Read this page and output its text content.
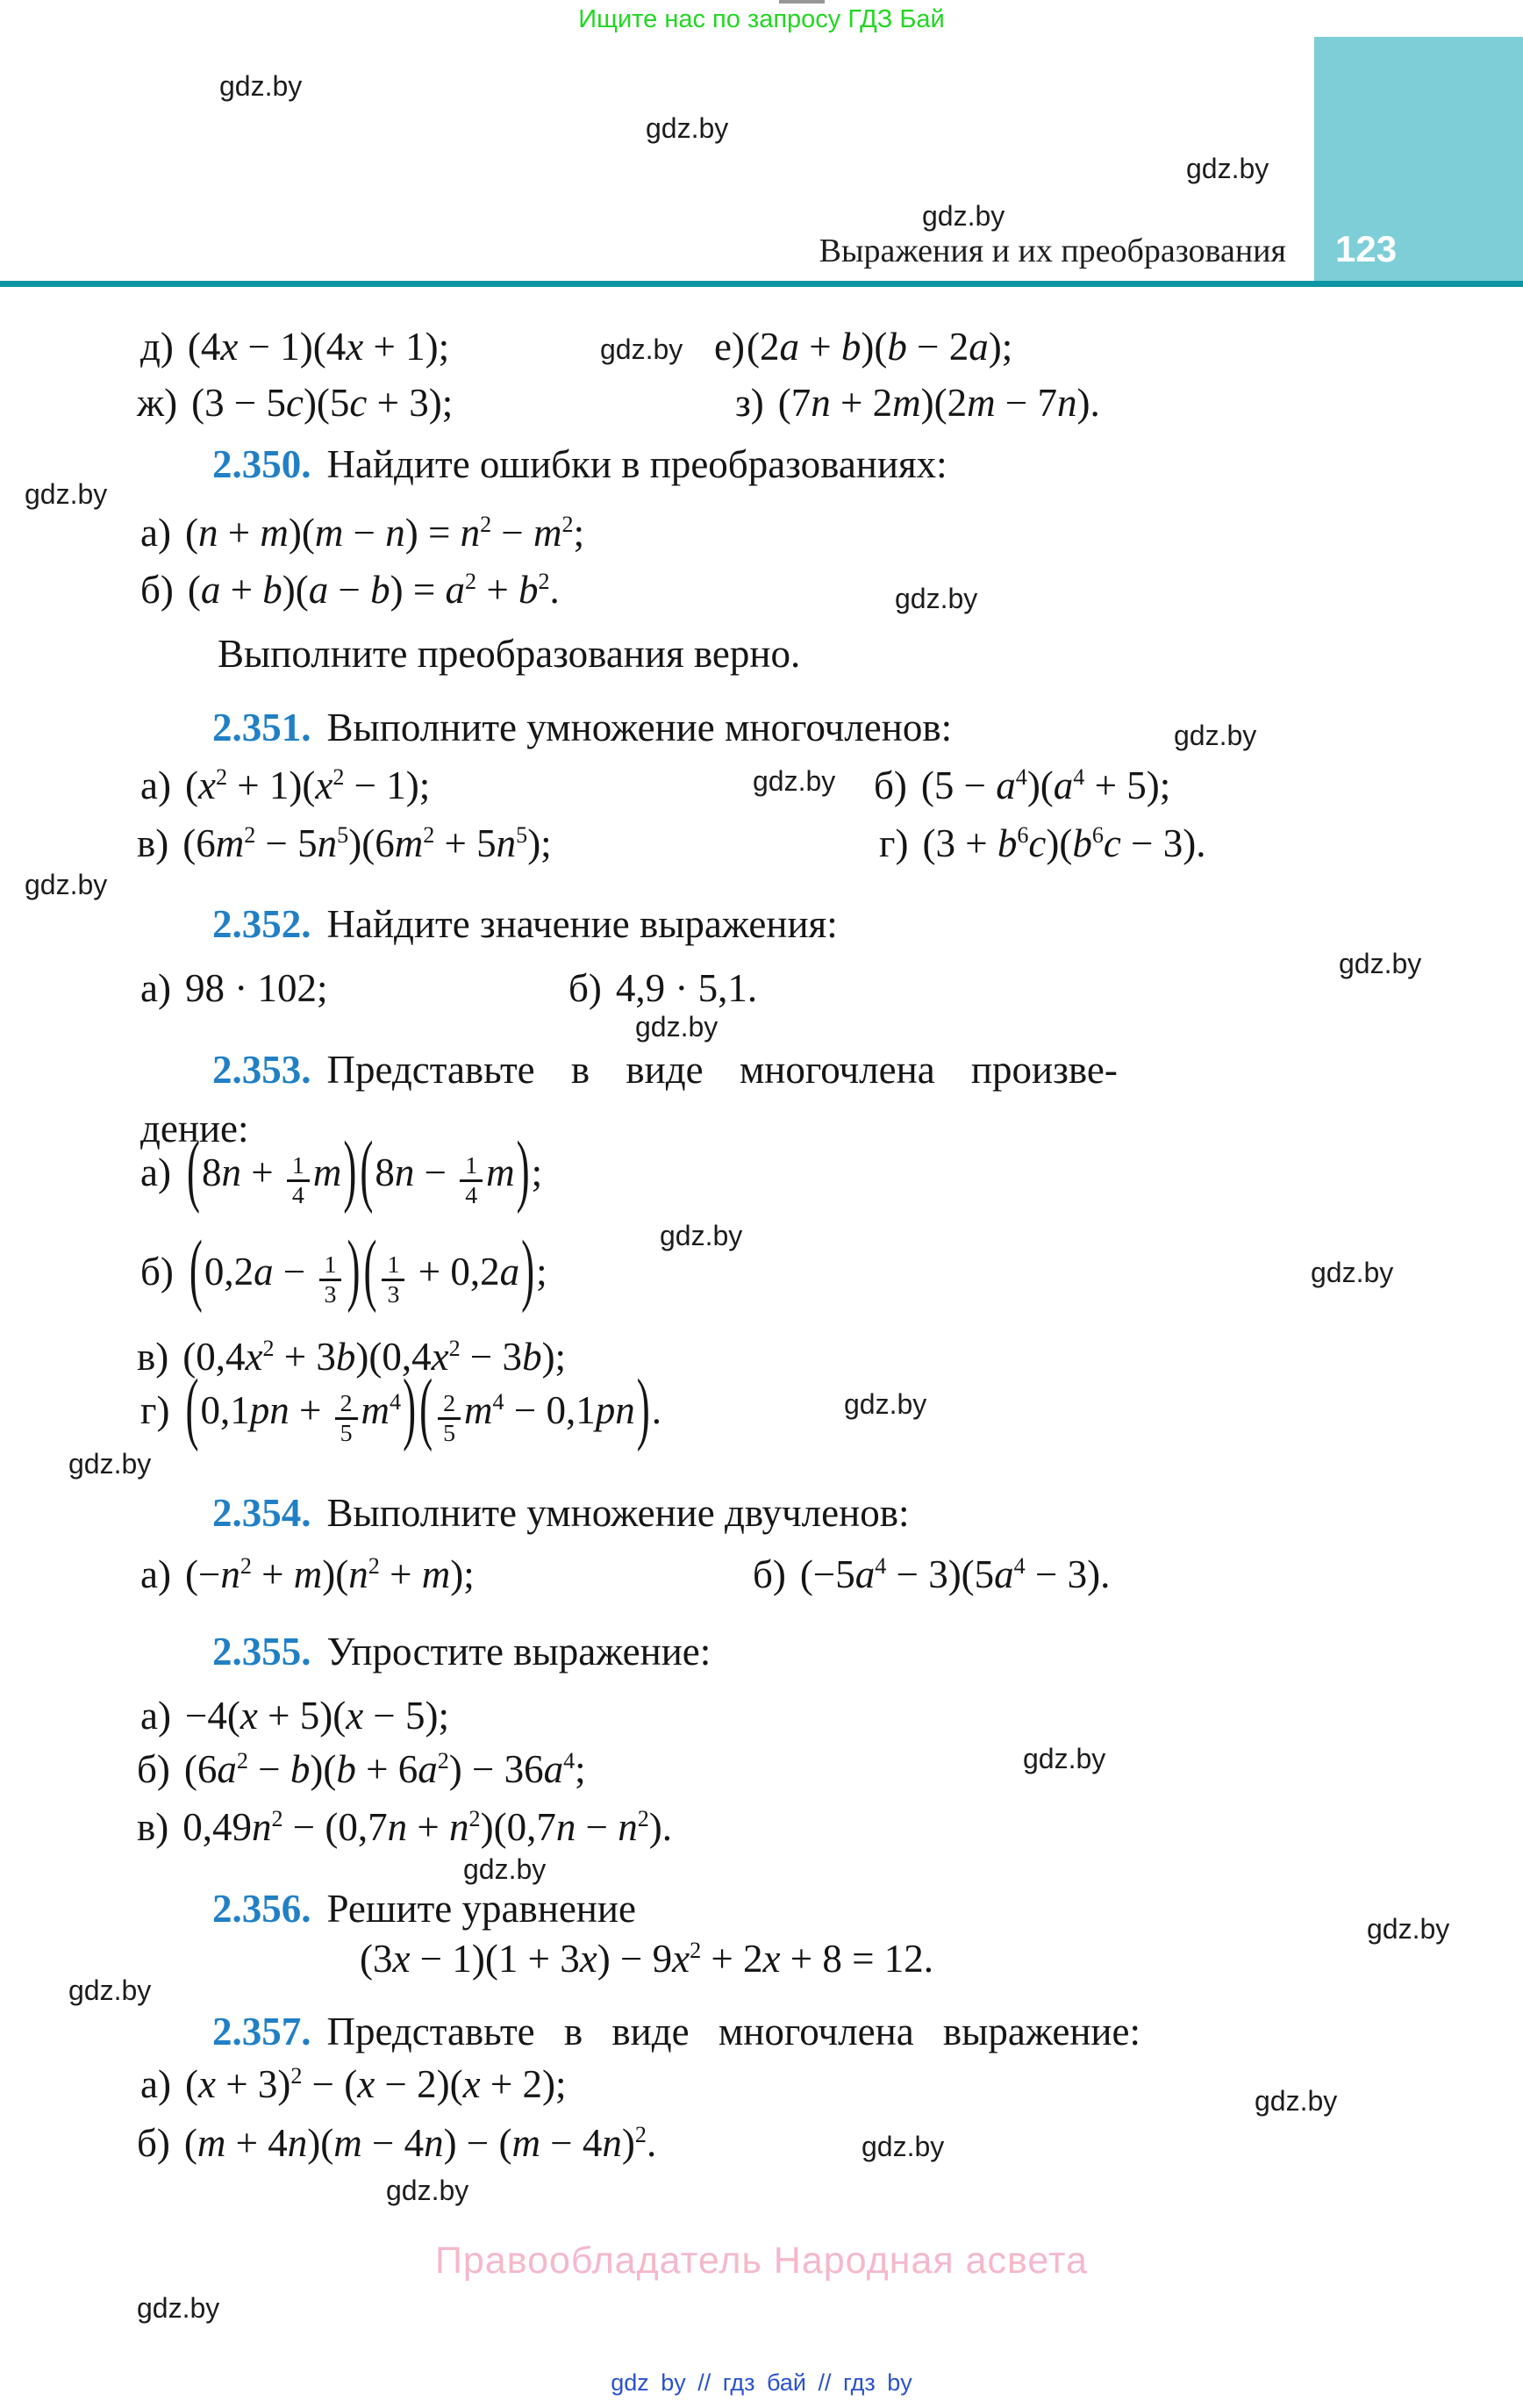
Ищите нас по запросу ГДЗ Бай
Выражения и их преобразования 123
д) (4x − 1)(4x + 1);	е)(2a + b)(b − 2a);
ж) (3 − 5c)(5c + 3);	з) (7n + 2m)(2m − 7n).
2.350. Найдите ошибки в преобразованиях:
а) $(n + m)(m - n) = n^2 - m^2$;
б) $(a + b)(a - b) = a^2 + b^2$.
Выполните преобразования верно.
2.351. Выполните умножение многочленов:
а) $(x^2 + 1)(x^2 - 1)$;	б) $(5 - a^4)(a^4 + 5)$;
в) $(6m^2 - 5n^5)(6m^2 + 5n^5)$;	г) $(3 + b^6c)(b^6c - 3)$.
2.352. Найдите значение выражения:
а) 98 · 102;	б) 4,9 · 5,1.
2.353. Представьте в виде многочлена произве-
дение:
а) $(8n + \frac{1}{4} m)(8n - \frac{1}{4} m)$;
б) ($0,2a - \frac{1}{3}$ )( $\frac{1}{3} + 0,2a$);
в) $(0,4x^2 + 3b)(0,4x^2 - 3b)$;
г) $(0,1pn + \frac{2}{5} m^4)( \frac{2}{5} m^4 - 0,1pn)$.
2.354. Выполните умножение двучленов:
а) $(-n^2 + m)(n^2 + m)$;	б) $(-5a^4 - 3)(5a^4 - 3)$.
2.355. Упростите выражение:
а) −4(x + 5)(x − 5);
б) $(6a^2 - b)(b + 6a^2) - 36a^4$;
в) $0,49n^2 - (0,7n + n^2)(0,7n - n^2)$.
2.356. Решите уравнение
$(3x - 1)(1 + 3x) - 9x^2 + 2x + 8 = 12$.
2.357. Представьте в виде многочлена выражение:
а) $(x + 3)^2 - (x - 2)(x + 2)$;
б) $(m + 4n)(m - 4n) - (m - 4n)^2$.
gdz.by
gdz.by
gdz.by
gdz.by
gdz.by
gdz.by
gdz.by
gdz.by
gdz.by
gdz.by
gdz.by
gdz.by
gdz.by
gdz.by
gdz.by
gdz.by
gdz.by
gdz.by
gdz.by
gdz.by
gdz.by
gdz.by
gdz.by
gdz.by
Правообладатель Народная асвета
gdz by // гдз бай // гдз by
